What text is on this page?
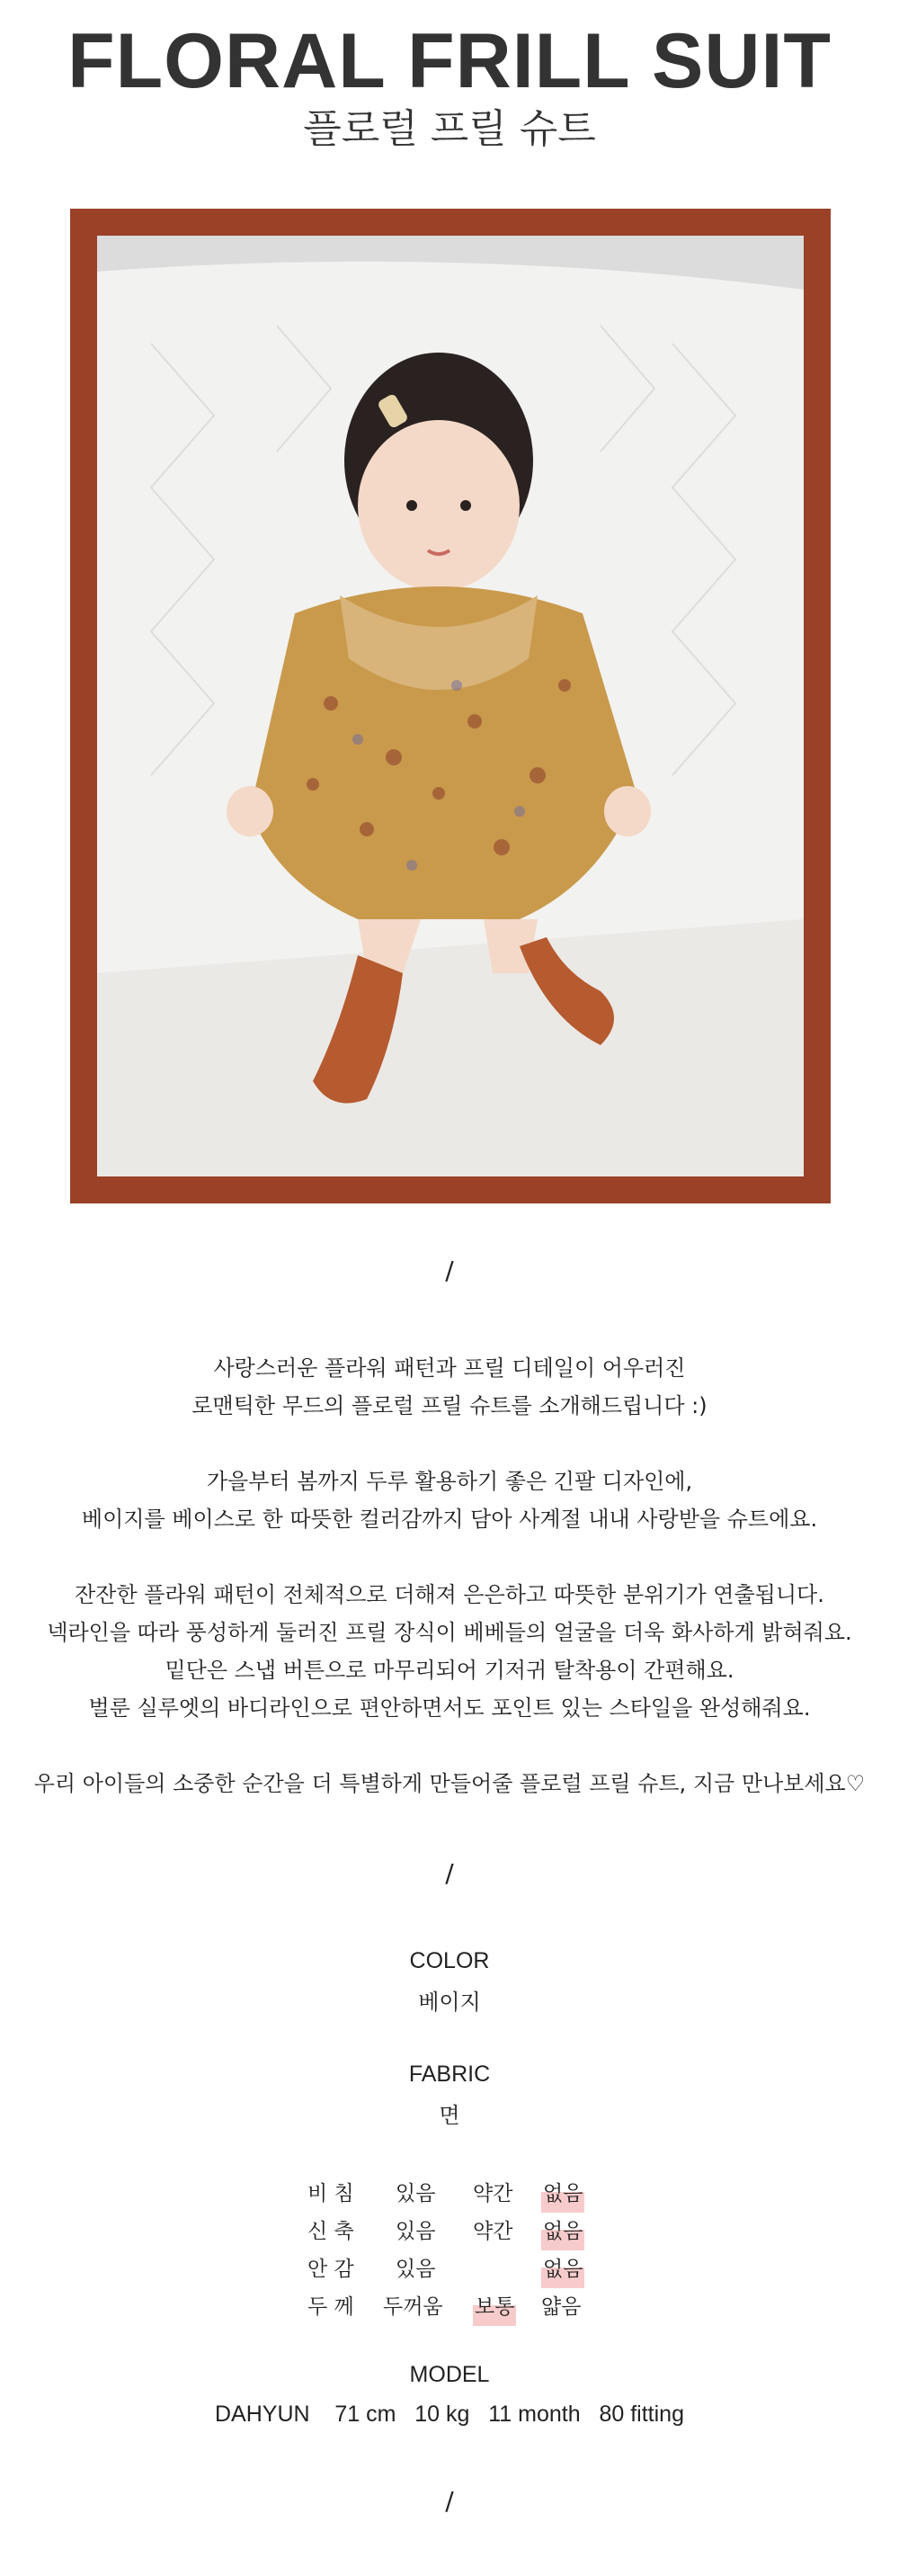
FLORAL FRILL SUIT
플로럴 프릴 슈트
/
사랑스러운 플라워 패턴과 프릴 디테일이 어우러진
로맨틱한 무드의 플로럴 프릴 슈트를 소개해드립니다 :)
가을부터 봄까지 두루 활용하기 좋은 긴팔 디자인에,
베이지를 베이스로 한 따뜻한 컬러감까지 담아 사계절 내내 사랑받을 슈트에요.
잔잔한 플라워 패턴이 전체적으로 더해져 은은하고 따뜻한 분위기가 연출됩니다.
넥라인을 따라 풍성하게 둘러진 프릴 장식이 베베들의 얼굴을 더욱 화사하게 밝혀줘요.
밑단은 스냅 버튼으로 마무리되어 기저귀 탈착용이 간편해요.
벌룬 실루엣의 바디라인으로 편안하면서도 포인트 있는 스타일을 완성해줘요.
우리 아이들의 소중한 순간을 더 특별하게 만들어줄 플로럴 프릴 슈트, 지금 만나보세요♡
/
COLOR
베이지
FABRIC
면
비 침 있음 약간 없음
신 축 있음 약간 없음
안 감 있음	없음
두 께 두꺼움 보통 얇음
MODEL
DAHYUN    71 cm   10 kg   11 month   80 fitting
/
